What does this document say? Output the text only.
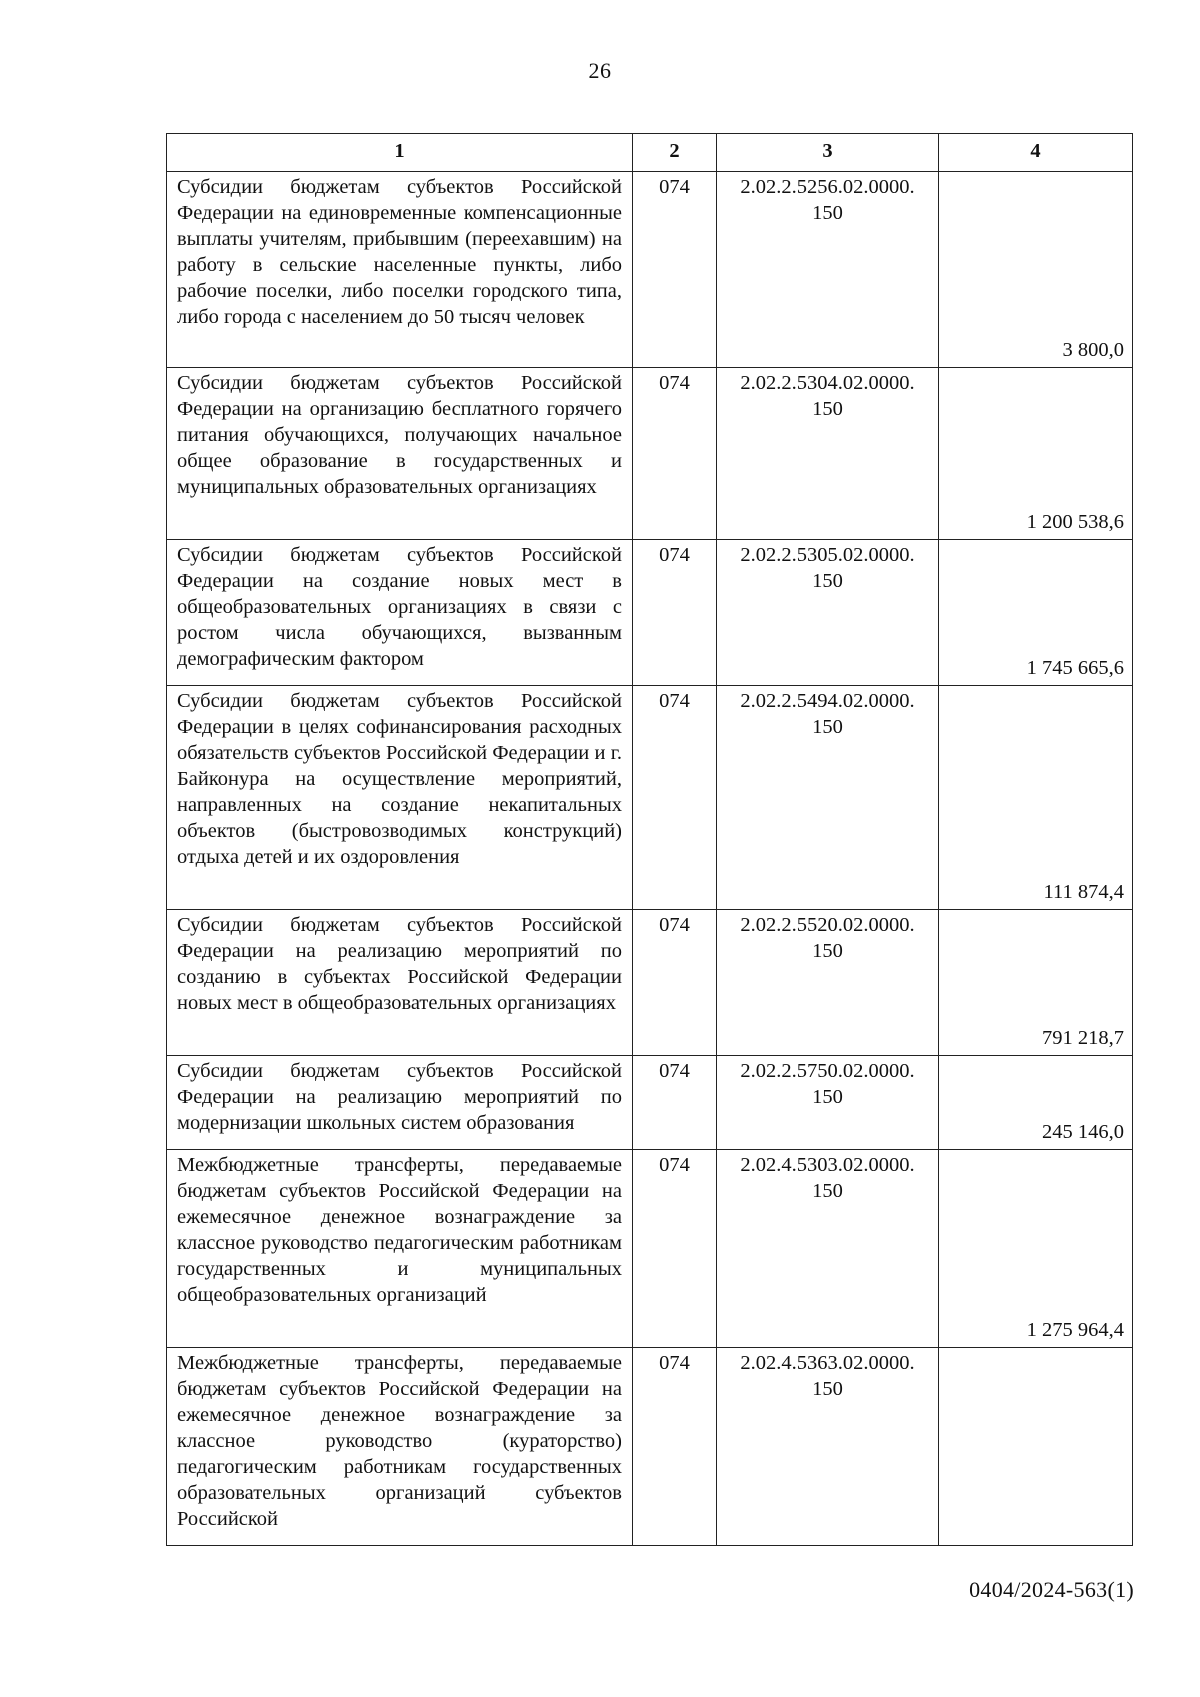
26
1	2	3	4
Субсидии бюджетам субъектов Российской Федерации на единовременные компенсационные выплаты учителям, прибывшим (переехавшим) на работу в сельские населенные пункты, либо рабочие поселки, либо поселки городского типа, либо города с населением до 50 тысяч человек	074	2.02.2.5256.02.0000. 150	3 800,0

Субсидии бюджетам субъектов Российской Федерации на организацию бесплатного горячего питания обучающихся, получающих начальное общее образование в государственных и муниципальных образовательных организациях	074	2.02.2.5304.02.0000. 150	1 200 538,6

Субсидии бюджетам субъектов Российской Федерации на создание новых мест в общеобразовательных организациях в связи с ростом числа обучающихся, вызванным демографическим фактором	074	2.02.2.5305.02.0000. 150	1 745 665,6

Субсидии бюджетам субъектов Российской Федерации в целях софинансирования расходных обязательств субъектов Российской Федерации и г. Байконура на осуществление мероприятий, направленных на создание некапитальных объектов (быстровозводимых конструкций) отдыха детей и их оздоровления	074	2.02.2.5494.02.0000. 150	111 874,4

Субсидии бюджетам субъектов Российской Федерации на реализацию мероприятий по созданию в субъектах Российской Федерации новых мест в общеобразовательных организациях	074	2.02.2.5520.02.0000. 150	791 218,7

Субсидии бюджетам субъектов Российской Федерации на реализацию мероприятий по модернизации школьных систем образования	074	2.02.2.5750.02.0000. 150	245 146,0

Межбюджетные трансферты, передаваемые бюджетам субъектов Российской Федерации на ежемесячное денежное вознаграждение за классное руководство педагогическим работникам государственных и муниципальных общеобразовательных организаций	074	2.02.4.5303.02.0000. 150	1 275 964,4

Межбюджетные трансферты, передаваемые бюджетам субъектов Российской Федерации на ежемесячное денежное вознаграждение за классное руководство (кураторство) педагогическим работникам государственных образовательных организаций субъектов Российской	074	2.02.4.5363.02.0000. 150	
0404/2024-563(1)
